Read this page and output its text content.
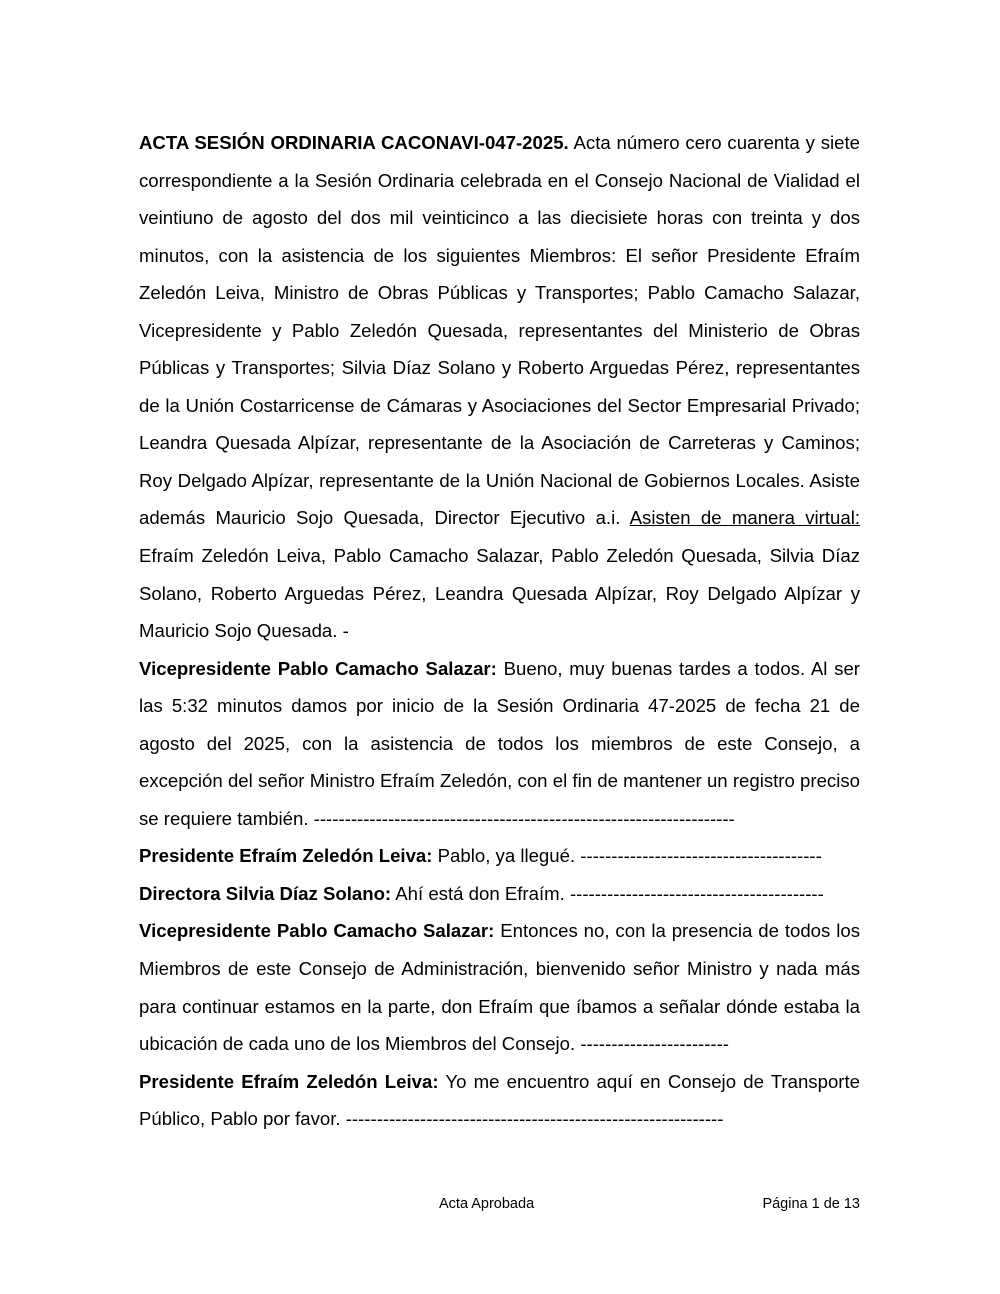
ACTA SESIÓN ORDINARIA CACONAVI-047-2025. Acta número cero cuarenta y siete correspondiente a la Sesión Ordinaria celebrada en el Consejo Nacional de Vialidad el veintiuno de agosto del dos mil veinticinco a las diecisiete horas con treinta y dos minutos, con la asistencia de los siguientes Miembros: El señor Presidente Efraím Zeledón Leiva, Ministro de Obras Públicas y Transportes; Pablo Camacho Salazar, Vicepresidente y Pablo Zeledón Quesada, representantes del Ministerio de Obras Públicas y Transportes; Silvia Díaz Solano y Roberto Arguedas Pérez, representantes de la Unión Costarricense de Cámaras y Asociaciones del Sector Empresarial Privado; Leandra Quesada Alpízar, representante de la Asociación de Carreteras y Caminos; Roy Delgado Alpízar, representante de la Unión Nacional de Gobiernos Locales. Asiste además Mauricio Sojo Quesada, Director Ejecutivo a.i. Asisten de manera virtual: Efraím Zeledón Leiva, Pablo Camacho Salazar, Pablo Zeledón Quesada, Silvia Díaz Solano, Roberto Arguedas Pérez, Leandra Quesada Alpízar, Roy Delgado Alpízar y Mauricio Sojo Quesada. -

Vicepresidente Pablo Camacho Salazar: Bueno, muy buenas tardes a todos. Al ser las 5:32 minutos damos por inicio de la Sesión Ordinaria 47-2025 de fecha 21 de agosto del 2025, con la asistencia de todos los miembros de este Consejo, a excepción del señor Ministro Efraím Zeledón, con el fin de mantener un registro preciso se requiere también. --------------------------------------------------------------------

Presidente Efraím Zeledón Leiva: Pablo, ya llegué. ---------------------------------------

Directora Silvia Díaz Solano: Ahí está don Efraím. -----------------------------------------

Vicepresidente Pablo Camacho Salazar: Entonces no, con la presencia de todos los Miembros de este Consejo de Administración, bienvenido señor Ministro y nada más para continuar estamos en la parte, don Efraím que íbamos a señalar dónde estaba la ubicación de cada uno de los Miembros del Consejo. ------------------------

Presidente Efraím Zeledón Leiva: Yo me encuentro aquí en Consejo de Transporte Público, Pablo por favor. -------------------------------------------------------------

Acta Aprobada	Página 1 de 13
